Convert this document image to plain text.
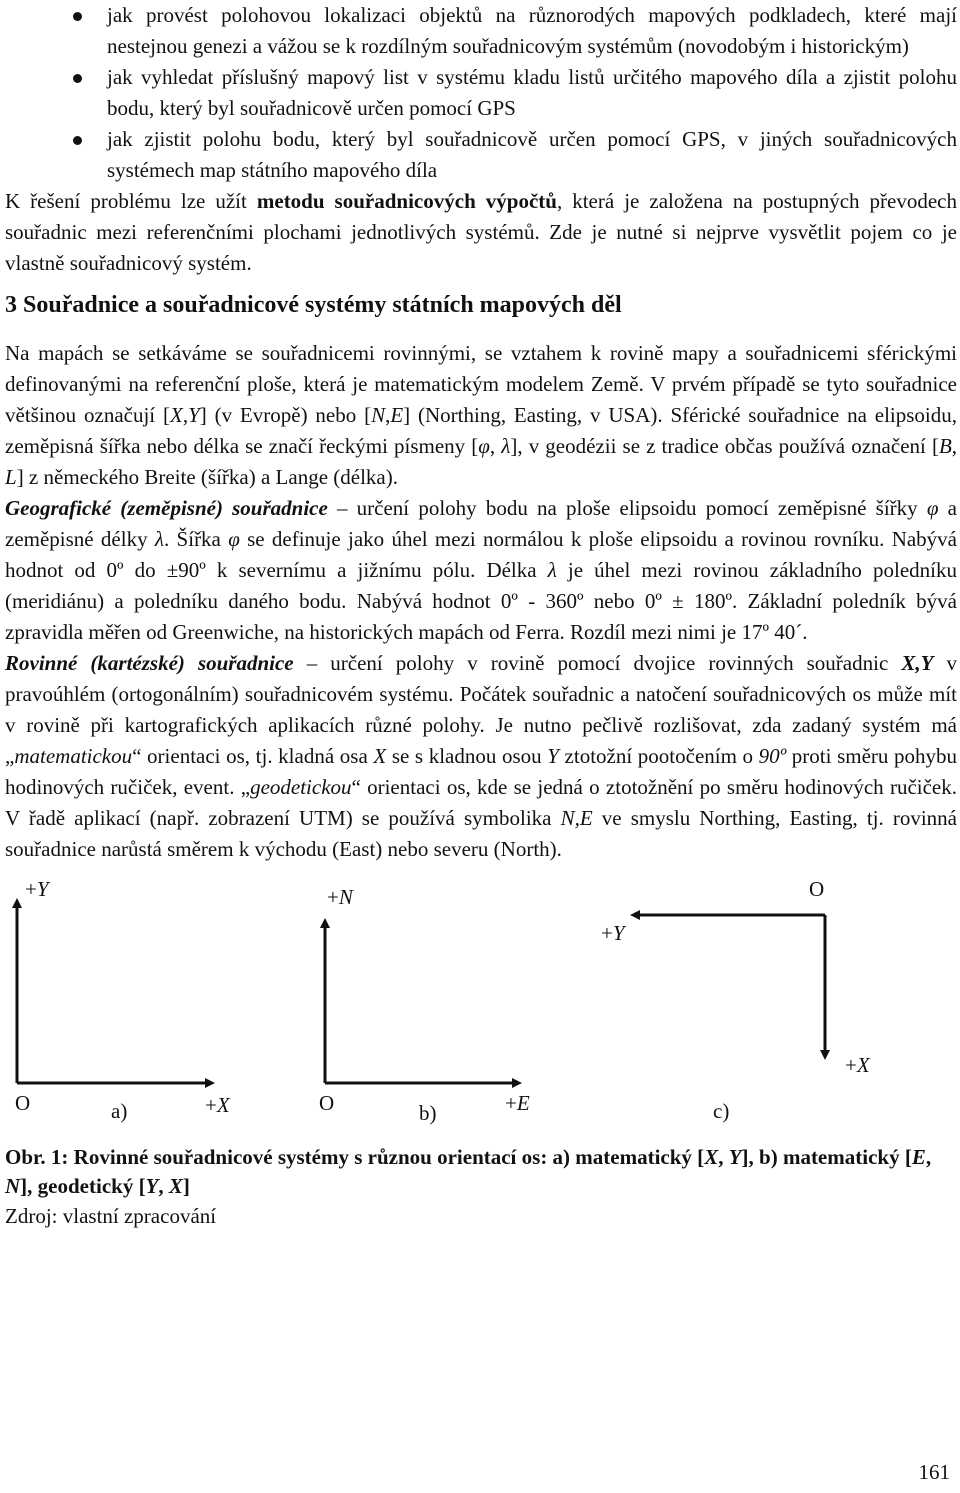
jak provést polohovou lokalizaci objektů na různorodých mapových podkladech, které mají nestejnou genezi a vážou se k rozdílným souřadnicovým systémům (novodobým i historickým)
jak vyhledat příslušný mapový list v systému kladu listů určitého mapového díla a zjistit polohu bodu, který byl souřadnicově určen pomocí GPS
jak zjistit polohu bodu, který byl souřadnicově určen pomocí GPS, v jiných souřadnicových systémech map státního mapového díla

K řešení problému lze užít metodu souřadnicových výpočtů, která je založena na postupných převodech souřadnic mezi referenčními plochami jednotlivých systémů. Zde je nutné si nejprve vysvětlit pojem co je vlastně souřadnicový systém.

3 Souřadnice a souřadnicové systémy státních mapových děl

Na mapách se setkáváme se souřadnicemi rovinnými, se vztahem k rovině mapy a souřadnicemi sférickými definovanými na referenční ploše, která je matematickým modelem Země. V prvém případě se tyto souřadnice většinou označují [X,Y] (v Evropě) nebo [N,E] (Northing, Easting, v USA). Sférické souřadnice na elipsoidu, zeměpisná šířka nebo délka se značí řeckými písmeny [φ, λ], v geodézii se z tradice občas používá označení [B, L] z německého Breite (šířka) a Lange (délka).

Geografické (zeměpisné) souřadnice – určení polohy bodu na ploše elipsoidu pomocí zeměpisné šířky φ a zeměpisné délky λ. Šířka φ se definuje jako úhel mezi normálou k ploše elipsoidu a rovinou rovníku. Nabývá hodnot od 0º do ±90º k severnímu a jižnímu pólu. Délka λ je úhel mezi rovinou základního poledníku (meridiánu) a poledníku daného bodu. Nabývá hodnot 0º - 360º nebo 0º ± 180º. Základní poledník bývá zpravidla měřen od Greenwiche, na historických mapách od Ferra. Rozdíl mezi nimi je 17º 40´.

Rovinné (kartézské) souřadnice – určení polohy v rovině pomocí dvojice rovinných souřadnic X,Y v pravoúhlém (ortogonálním) souřadnicovém systému. Počátek souřadnic a natočení souřadnicových os může mít v rovině při kartografických aplikacích různé polohy. Je nutno pečlivě rozlišovat, zda zadaný systém má „matematickou“ orientaci os, tj. kladná osa X se s kladnou osou Y ztotožní pootočením o 90º proti směru pohybu hodinových ručiček, event. „geodetickou“ orientaci os, kde se jedná o ztotožnění po směru hodinových ručiček. V řadě aplikací (např. zobrazení UTM) se používá symbolika N,E ve smyslu Northing, Easting, tj. rovinná souřadnice narůstá směrem k východu (East) nebo severu (North).

+Y
O	a)	+X
+N
O	b)	+E
O
+Y
+X
c)

Obr. 1: Rovinné souřadnicové systémy s různou orientací os: a) matematický [X, Y], b) matematický [E, N], geodetický [Y, X]

Zdroj: vlastní zpracování

161
